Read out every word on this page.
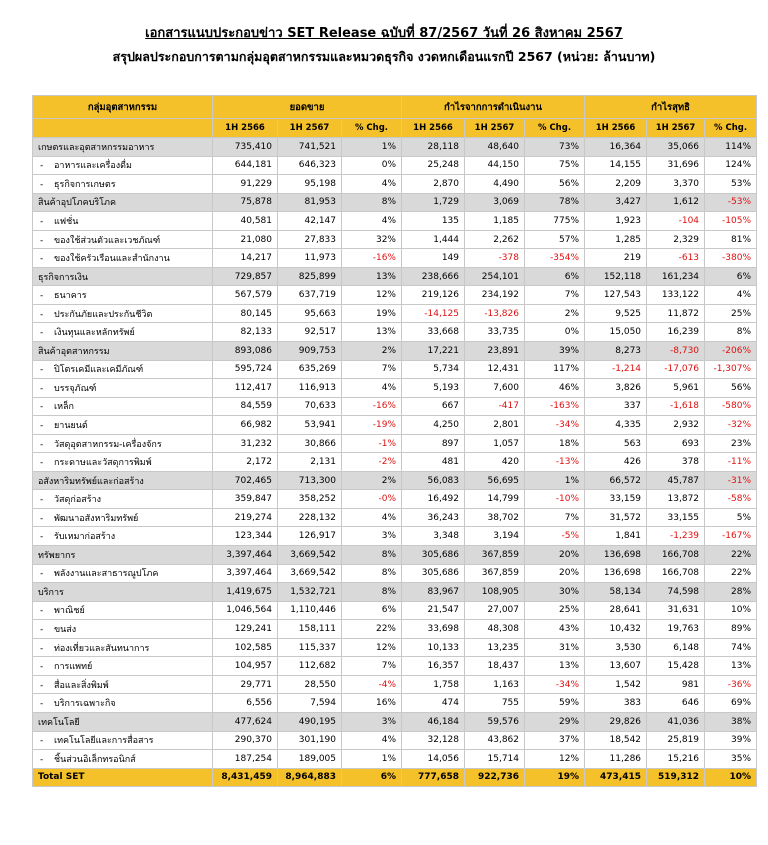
เอกสารแนบประกอบข่าว SET Release ฉบับที่ 87/2567 วันที่ 26 สิงหาคม 2567
สรุปผลประกอบการตามกลุ่มอุตสาหกรรมและหมวดธุรกิจ งวดหกเดือนแรกปี 2567 (หน่วย: ล้านบาท)
กลุ่มอุตสาหกรรม	ยอดขาย			กำไรจากการดำเนินงาน			กำไรสุทธิ		
	1H 2566	1H 2567	% Chg.	1H 2566	1H 2567	% Chg.	1H 2566	1H 2567	% Chg.
เกษตรและอุตสาหกรรมอาหาร	735,410	741,521	1%	28,118	48,640	73%	16,364	35,066	114%
- อาหารและเครื่องดื่ม	644,181	646,323	0%	25,248	44,150	75%	14,155	31,696	124%
- ธุรกิจการเกษตร	91,229	95,198	4%	2,870	4,490	56%	2,209	3,370	53%
สินค้าอุปโภคบริโภค	75,878	81,953	8%	1,729	3,069	78%	3,427	1,612	-53%
- แฟชั่น	40,581	42,147	4%	135	1,185	775%	1,923	-104	-105%
- ของใช้ส่วนตัวและเวชภัณฑ์	21,080	27,833	32%	1,444	2,262	57%	1,285	2,329	81%
- ของใช้ครัวเรือนและสำนักงาน	14,217	11,973	-16%	149	-378	-354%	219	-613	-380%
ธุรกิจการเงิน	729,857	825,899	13%	238,666	254,101	6%	152,118	161,234	6%
- ธนาคาร	567,579	637,719	12%	219,126	234,192	7%	127,543	133,122	4%
- ประกันภัยและประกันชีวิต	80,145	95,663	19%	-14,125	-13,826	2%	9,525	11,872	25%
- เงินทุนและหลักทรัพย์	82,133	92,517	13%	33,668	33,735	0%	15,050	16,239	8%
สินค้าอุตสาหกรรม	893,086	909,753	2%	17,221	23,891	39%	8,273	-8,730	-206%
- ปิโตรเคมีและเคมีภัณฑ์	595,724	635,269	7%	5,734	12,431	117%	-1,214	-17,076	-1,307%
- บรรจุภัณฑ์	112,417	116,913	4%	5,193	7,600	46%	3,826	5,961	56%
- เหล็ก	84,559	70,633	-16%	667	-417	-163%	337	-1,618	-580%
- ยานยนต์	66,982	53,941	-19%	4,250	2,801	-34%	4,335	2,932	-32%
- วัสดุอุตสาหกรรม-เครื่องจักร	31,232	30,866	-1%	897	1,057	18%	563	693	23%
- กระดาษและวัสดุการพิมพ์	2,172	2,131	-2%	481	420	-13%	426	378	-11%
อสังหาริมทรัพย์และก่อสร้าง	702,465	713,300	2%	56,083	56,695	1%	66,572	45,787	-31%
- วัสดุก่อสร้าง	359,847	358,252	-0%	16,492	14,799	-10%	33,159	13,872	-58%
- พัฒนาอสังหาริมทรัพย์	219,274	228,132	4%	36,243	38,702	7%	31,572	33,155	5%
- รับเหมาก่อสร้าง	123,344	126,917	3%	3,348	3,194	-5%	1,841	-1,239	-167%
ทรัพยากร	3,397,464	3,669,542	8%	305,686	367,859	20%	136,698	166,708	22%
- พลังงานและสาธารณูปโภค	3,397,464	3,669,542	8%	305,686	367,859	20%	136,698	166,708	22%
บริการ	1,419,675	1,532,721	8%	83,967	108,905	30%	58,134	74,598	28%
- พาณิชย์	1,046,564	1,110,446	6%	21,547	27,007	25%	28,641	31,631	10%
- ขนส่ง	129,241	158,111	22%	33,698	48,308	43%	10,432	19,763	89%
- ท่องเที่ยวและสันทนาการ	102,585	115,337	12%	10,133	13,235	31%	3,530	6,148	74%
- การแพทย์	104,957	112,682	7%	16,357	18,437	13%	13,607	15,428	13%
- สื่อและสิ่งพิมพ์	29,771	28,550	-4%	1,758	1,163	-34%	1,542	981	-36%
- บริการเฉพาะกิจ	6,556	7,594	16%	474	755	59%	383	646	69%
เทคโนโลยี	477,624	490,195	3%	46,184	59,576	29%	29,826	41,036	38%
- เทคโนโลยีและการสื่อสาร	290,370	301,190	4%	32,128	43,862	37%	18,542	25,819	39%
- ชิ้นส่วนอิเล็กทรอนิกส์	187,254	189,005	1%	14,056	15,714	12%	11,286	15,216	35%
Total SET	8,431,459	8,964,883	6%	777,658	922,736	19%	473,415	519,312	10%
